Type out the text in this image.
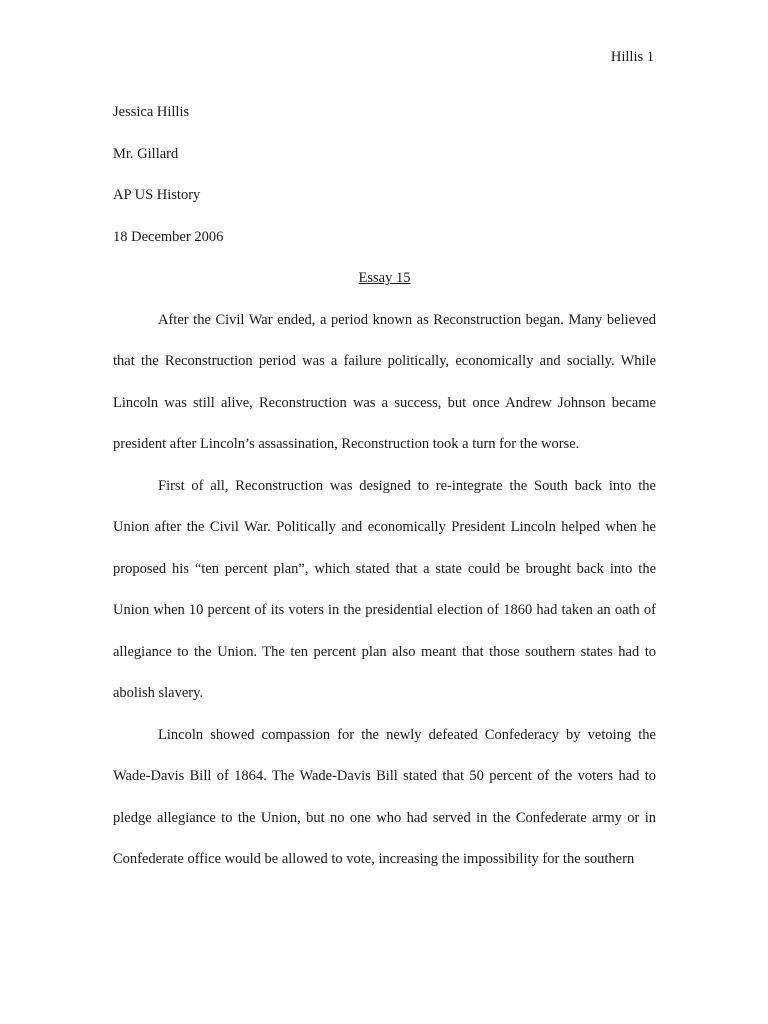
Hillis 1

Jessica Hillis

Mr. Gillard

AP US History

18 December 2006

Essay 15

After the Civil War ended, a period known as Reconstruction began. Many believed that the Reconstruction period was a failure politically, economically and socially. While Lincoln was still alive, Reconstruction was a success, but once Andrew Johnson became president after Lincoln’s assassination, Reconstruction took a turn for the worse.

First of all, Reconstruction was designed to re-integrate the South back into the Union after the Civil War. Politically and economically President Lincoln helped when he proposed his “ten percent plan”, which stated that a state could be brought back into the Union when 10 percent of its voters in the presidential election of 1860 had taken an oath of allegiance to the Union. The ten percent plan also meant that those southern states had to abolish slavery.

Lincoln showed compassion for the newly defeated Confederacy by vetoing the Wade-Davis Bill of 1864. The Wade-Davis Bill stated that 50 percent of the voters had to pledge allegiance to the Union, but no one who had served in the Confederate army or in Confederate office would be allowed to vote, increasing the impossibility for the southern
